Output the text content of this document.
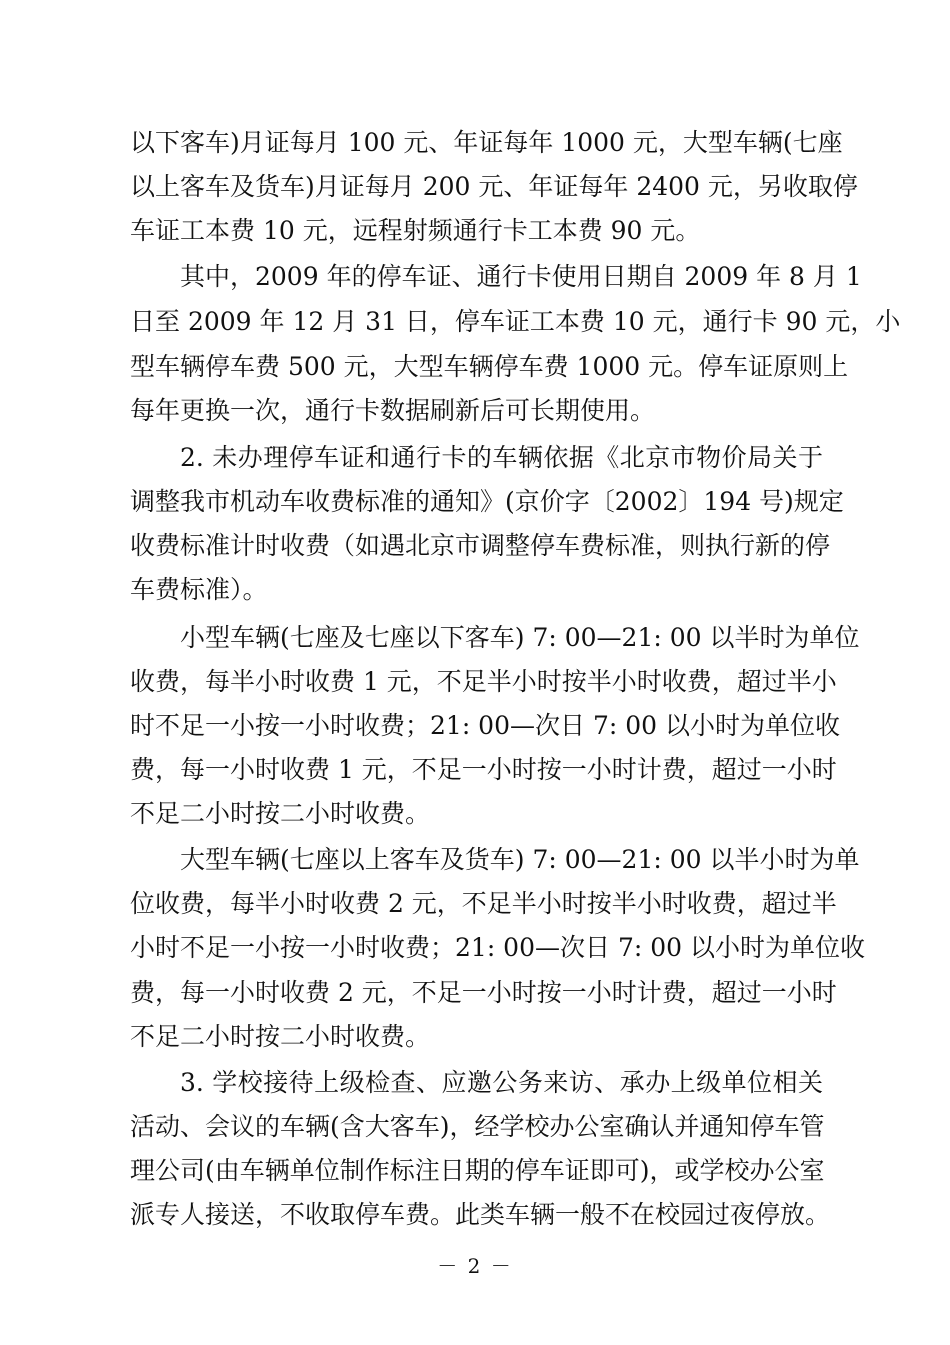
以下客车)月证每月 100 元、年证每年 1000 元，大型车辆(七座
以上客车及货车)月证每月 200 元、年证每年 2400 元，另收取停
车证工本费 10 元，远程射频通行卡工本费 90 元。
其中，2009 年的停车证、通行卡使用日期自 2009 年 8 月 1
日至 2009 年 12 月 31 日，停车证工本费 10 元，通行卡 90 元，小
型车辆停车费 500 元，大型车辆停车费 1000 元。停车证原则上
每年更换一次，通行卡数据刷新后可长期使用。
2. 未办理停车证和通行卡的车辆依据《北京市物价局关于
调整我市机动车收费标准的通知》(京价字〔2002〕194 号)规定
收费标准计时收费（如遇北京市调整停车费标准，则执行新的停
车费标准）。
小型车辆(七座及七座以下客车) 7: 00—21: 00 以半时为单位
收费，每半小时收费 1 元，不足半小时按半小时收费，超过半小
时不足一小按一小时收费；21: 00—次日 7: 00 以小时为单位收
费，每一小时收费 1 元，不足一小时按一小时计费，超过一小时
不足二小时按二小时收费。
大型车辆(七座以上客车及货车) 7: 00—21: 00 以半小时为单
位收费，每半小时收费 2 元，不足半小时按半小时收费，超过半
小时不足一小按一小时收费；21: 00—次日 7: 00 以小时为单位收
费，每一小时收费 2 元，不足一小时按一小时计费，超过一小时
不足二小时按二小时收费。
3. 学校接待上级检查、应邀公务来访、承办上级单位相关
活动、会议的车辆(含大客车)，经学校办公室确认并通知停车管
理公司(由车辆单位制作标注日期的停车证即可)，或学校办公室
派专人接送，不收取停车费。此类车辆一般不在校园过夜停放。
－ 2 －
